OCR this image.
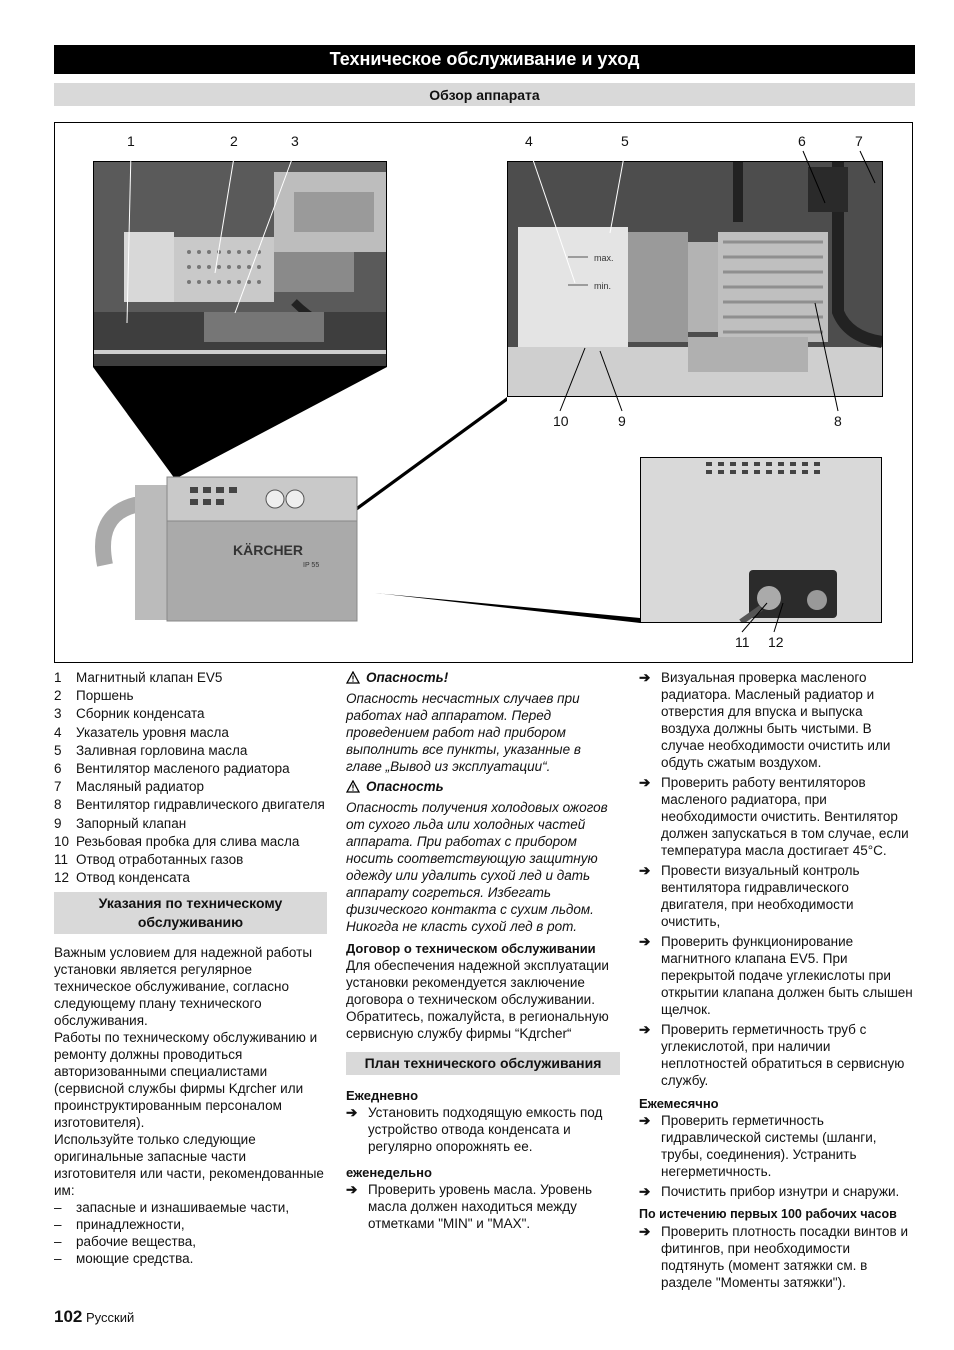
Техническое обслуживание и уход
Обзор аппарата
1	2	3	4	5	6	7
10	9	8
11 12
max.
min.
KÄRCHER
IP 55
1	Магнитный клапан EV5
2	Поршень
3	Сборник конденсата
4	Указатель уровня масла
5	Заливная горловина масла
6	Вентилятор масленого радиатора
7	Масляный радиатор
8	Вентилятор гидравлического двигателя
9	Запорный клапан
10 Резьбовая пробка для слива масла
11 Отвод отработанных газов
12 Отвод конденсата

Указания по техническому обслуживанию

Важным условием для надежной работы установки является регулярное техническое обслуживание, согласно следующему плану технического обслуживания.

Работы по техническому обслуживанию и ремонту должны проводиться авторизованными специалистами (сервисной службы фирмы Kдrcher или проинструктированным персоналом изготовителя).

Используйте только следующие оригинальные запасные части изготовителя или части, рекомендованные им:

–	запасные и изнашиваемые части,
–	принадлежности,
–	рабочие вещества,
–	моющие средства.
Опасность!

Опасность несчастных случаев при работах над аппаратом. Перед проведением работ над прибором выполнить все пункты, указанные в главе „Вывод из эксплуатации“.

Опасность

Опасность получения холодовых ожогов от сухого льда или холодных частей аппарата. При работах с прибором носить соответствующую защитную одежду или удалить сухой лед и дать аппарату согреться. Избегать физического контакта с сухим льдом.

Никогда не класть сухой лед в рот.

Договор о техническом обслуживании

Для обеспечения надежной эксплуатации установки рекомендуется заключение договора о техническом обслуживании. Обратитесь, пожалуйста, в региональную сервисную службу фирмы “Kдrcher“

План технического обслуживания

Ежедневно

➔ Установить подходящую емкость под устройство отвода конденсата и регулярно опорожнять ее.

еженедельно

➔ Проверить уровень масла. Уровень масла должен находиться между отметками "MIN" и "MAX".
➔ Визуальная проверка масленого радиатора. Масленый радиатор и отверстия для впуска и выпуска воздуха должны быть чистыми. В случае необходимости очистить или обдуть сжатым воздухом.
➔ Проверить работу вентиляторов масленого радиатора, при необходимости очистить. Вентилятор должен запускаться в том случае, если температура масла достигает 45°C.
➔ Провести визуальный контроль вентилятора гидравлического двигателя, при необходимости очистить,
➔ Проверить функционирование магнитного клапана EV5. При перекрытой подаче углекислоты при открытии клапана должен быть слышен щелчок.
➔ Проверить герметичность труб с углекислотой, при наличии неплотностей обратиться в сервисную службу.

Ежемесячно

➔ Проверить герметичность гидравлической системы (шланги, трубы, соединения). Устранить негерметичность.
➔ Почистить прибор изнутри и снаружи.

По истечению первых 100 рабочих часов

➔ Проверить плотность посадки винтов и фитингов, при необходимости подтянуть (момент затяжки см. в разделе "Моменты затяжки").
102 Русский
